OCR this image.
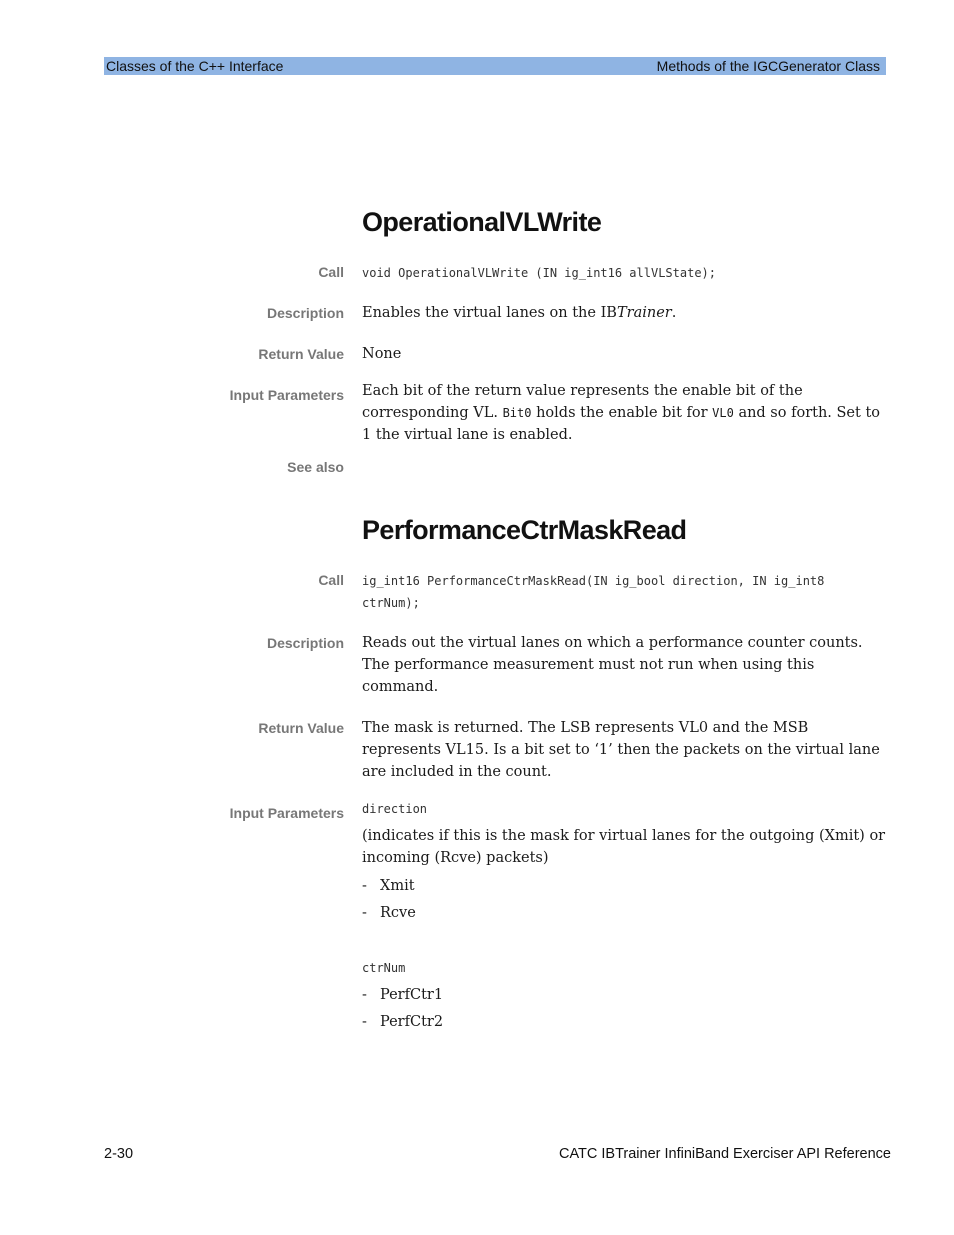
Classes of the C++ Interface	Methods of the IGCGenerator Class
OperationalVLWrite
Call void OperationalVLWrite (IN ig_int16 allVLState);
Description Enables the virtual lanes on the IBTrainer.
Return Value None
Input Parameters Each bit of the return value represents the enable bit of the corresponding VL. Bit0 holds the enable bit for VL0 and so forth. Set to 1 the virtual lane is enabled.
See also
PerformanceCtrMaskRead
Call ig_int16 PerformanceCtrMaskRead(IN ig_bool direction, IN ig_int8 ctrNum);
Description Reads out the virtual lanes on which a performance counter counts. The performance measurement must not run when using this command.
Return Value The mask is returned. The LSB represents VL0 and the MSB represents VL15. Is a bit set to ‘1’ then the packets on the virtual lane are included in the count.
Input Parameters direction
(indicates if this is the mask for virtual lanes for the outgoing (Xmit) or incoming (Rcve) packets)
- Xmit
- Rcve
ctrNum
- PerfCtr1
- PerfCtr2
2-30	CATC IBTrainer InfiniBand Exerciser API Reference
